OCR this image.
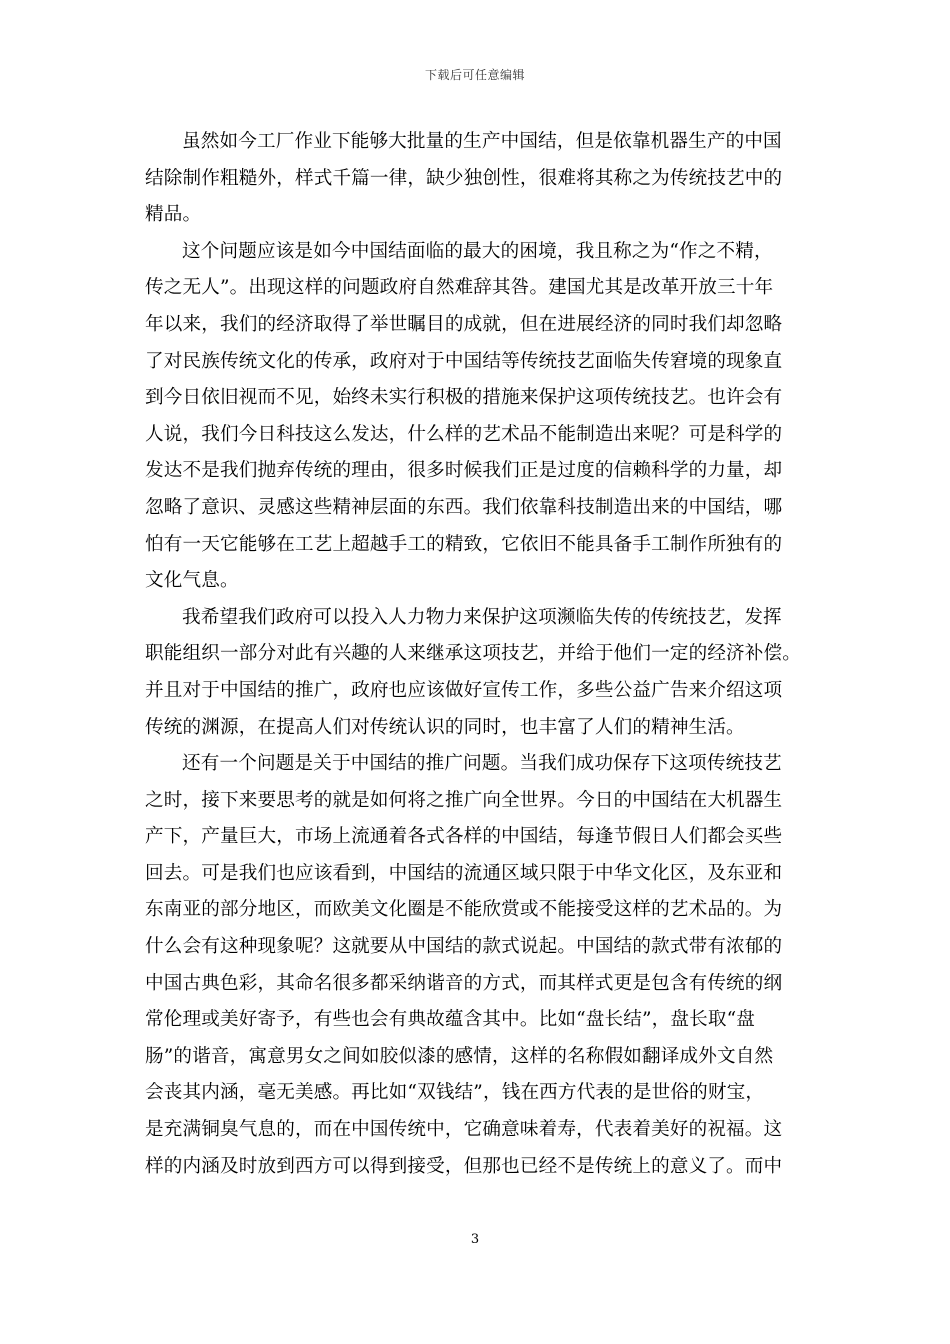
下载后可任意编辑
虽然如今工厂作业下能够大批量的生产中国结，但是依靠机器生产的中国
结除制作粗糙外，样式千篇一律，缺少独创性，很难将其称之为传统技艺中的
精品。
这个问题应该是如今中国结面临的最大的困境，我且称之为“作之不精，
传之无人”。出现这样的问题政府自然难辞其咎。建国尤其是改革开放三十年
年以来，我们的经济取得了举世瞩目的成就，但在进展经济的同时我们却忽略
了对民族传统文化的传承，政府对于中国结等传统技艺面临失传窘境的现象直
到今日依旧视而不见，始终未实行积极的措施来保护这项传统技艺。也许会有
人说，我们今日科技这么发达，什么样的艺术品不能制造出来呢？可是科学的
发达不是我们抛弃传统的理由，很多时候我们正是过度的信赖科学的力量，却
忽略了意识、灵感这些精神层面的东西。我们依靠科技制造出来的中国结，哪
怕有一天它能够在工艺上超越手工的精致，它依旧不能具备手工制作所独有的
文化气息。
我希望我们政府可以投入人力物力来保护这项濒临失传的传统技艺，发挥
职能组织一部分对此有兴趣的人来继承这项技艺，并给于他们一定的经济补偿。
并且对于中国结的推广，政府也应该做好宣传工作，多些公益广告来介绍这项
传统的渊源，在提高人们对传统认识的同时，也丰富了人们的精神生活。
还有一个问题是关于中国结的推广问题。当我们成功保存下这项传统技艺
之时，接下来要思考的就是如何将之推广向全世界。今日的中国结在大机器生
产下，产量巨大，市场上流通着各式各样的中国结，每逢节假日人们都会买些
回去。可是我们也应该看到，中国结的流通区域只限于中华文化区，及东亚和
东南亚的部分地区，而欧美文化圈是不能欣赏或不能接受这样的艺术品的。为
什么会有这种现象呢？这就要从中国结的款式说起。中国结的款式带有浓郁的
中国古典色彩，其命名很多都采纳谐音的方式，而其样式更是包含有传统的纲
常伦理或美好寄予，有些也会有典故蕴含其中。比如“盘长结”，盘长取“盘
肠”的谐音，寓意男女之间如胶似漆的感情，这样的名称假如翻译成外文自然
会丧其内涵，毫无美感。再比如“双钱结”，钱在西方代表的是世俗的财宝，
是充满铜臭气息的，而在中国传统中，它确意味着寿，代表着美好的祝福。这
样的内涵及时放到西方可以得到接受，但那也已经不是传统上的意义了。而中
3
